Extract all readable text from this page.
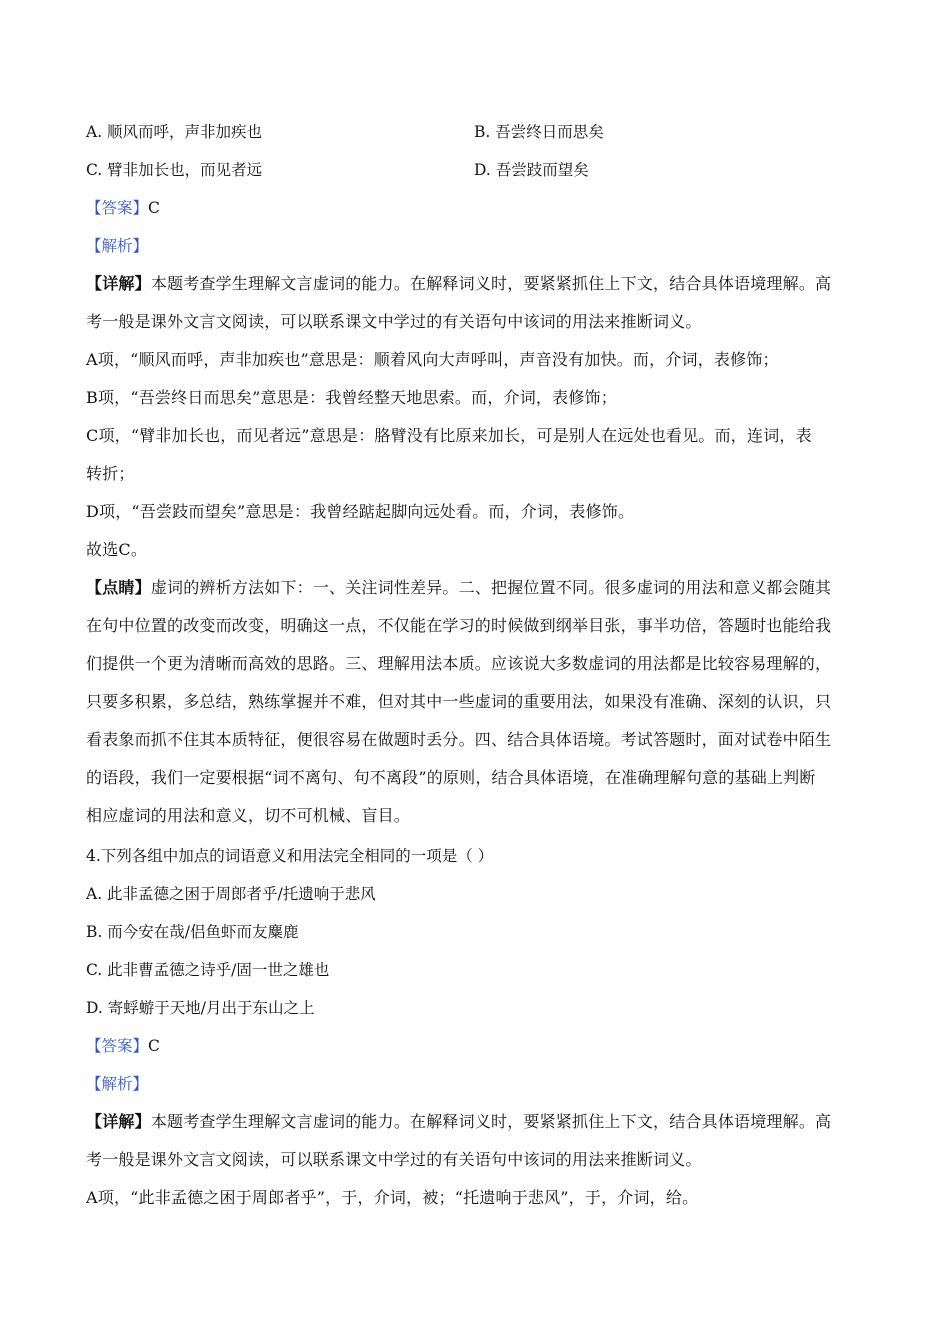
A. 顺风而呼，声非加疾也	B. 吾尝终日而思矣
C. 臂非加长也，而见者远	D. 吾尝跂而望矣
【答案】C
【解析】
【详解】本题考查学生理解文言虚词的能力。在解释词义时，要紧紧抓住上下文，结合具体语境理解。高
考一般是课外文言文阅读，可以联系课文中学过的有关语句中该词的用法来推断词义。
A项，“顺风而呼，声非加疾也”意思是：顺着风向大声呼叫，声音没有加快。而，介词，表修饰；
B项，“吾尝终日而思矣”意思是：我曾经整天地思索。而，介词，表修饰；
C项，“臂非加长也，而见者远”意思是：胳臂没有比原来加长，可是别人在远处也看见。而，连词，表
转折；
D项，“吾尝跂而望矣”意思是：我曾经踮起脚向远处看。而，介词，表修饰。
故选C。
【点睛】虚词的辨析方法如下：一、关注词性差异。二、把握位置不同。很多虚词的用法和意义都会随其
在句中位置的改变而改变，明确这一点，不仅能在学习的时候做到纲举目张，事半功倍，答题时也能给我
们提供一个更为清晰而高效的思路。三、理解用法本质。应该说大多数虚词的用法都是比较容易理解的，
只要多积累，多总结，熟练掌握并不难，但对其中一些虚词的重要用法，如果没有准确、深刻的认识，只
看表象而抓不住其本质特征，便很容易在做题时丢分。四、结合具体语境。考试答题时，面对试卷中陌生
的语段，我们一定要根据“词不离句、句不离段”的原则，结合具体语境，在准确理解句意的基础上判断
相应虚词的用法和意义，切不可机械、盲目。
4.下列各组中加点的词语意义和用法完全相同的一项是（ ）
A. 此非孟德之困于周郎者乎/托遗响于悲风
B. 而今安在哉/侣鱼虾而友麋鹿
C. 此非曹孟德之诗乎/固一世之雄也
D. 寄蜉蝣于天地/月出于东山之上
【答案】C
【解析】
【详解】本题考查学生理解文言虚词的能力。在解释词义时，要紧紧抓住上下文，结合具体语境理解。高
考一般是课外文言文阅读，可以联系课文中学过的有关语句中该词的用法来推断词义。
A项，“此非孟德之困于周郎者乎”，于，介词，被；“托遗响于悲风”，于，介词，给。
